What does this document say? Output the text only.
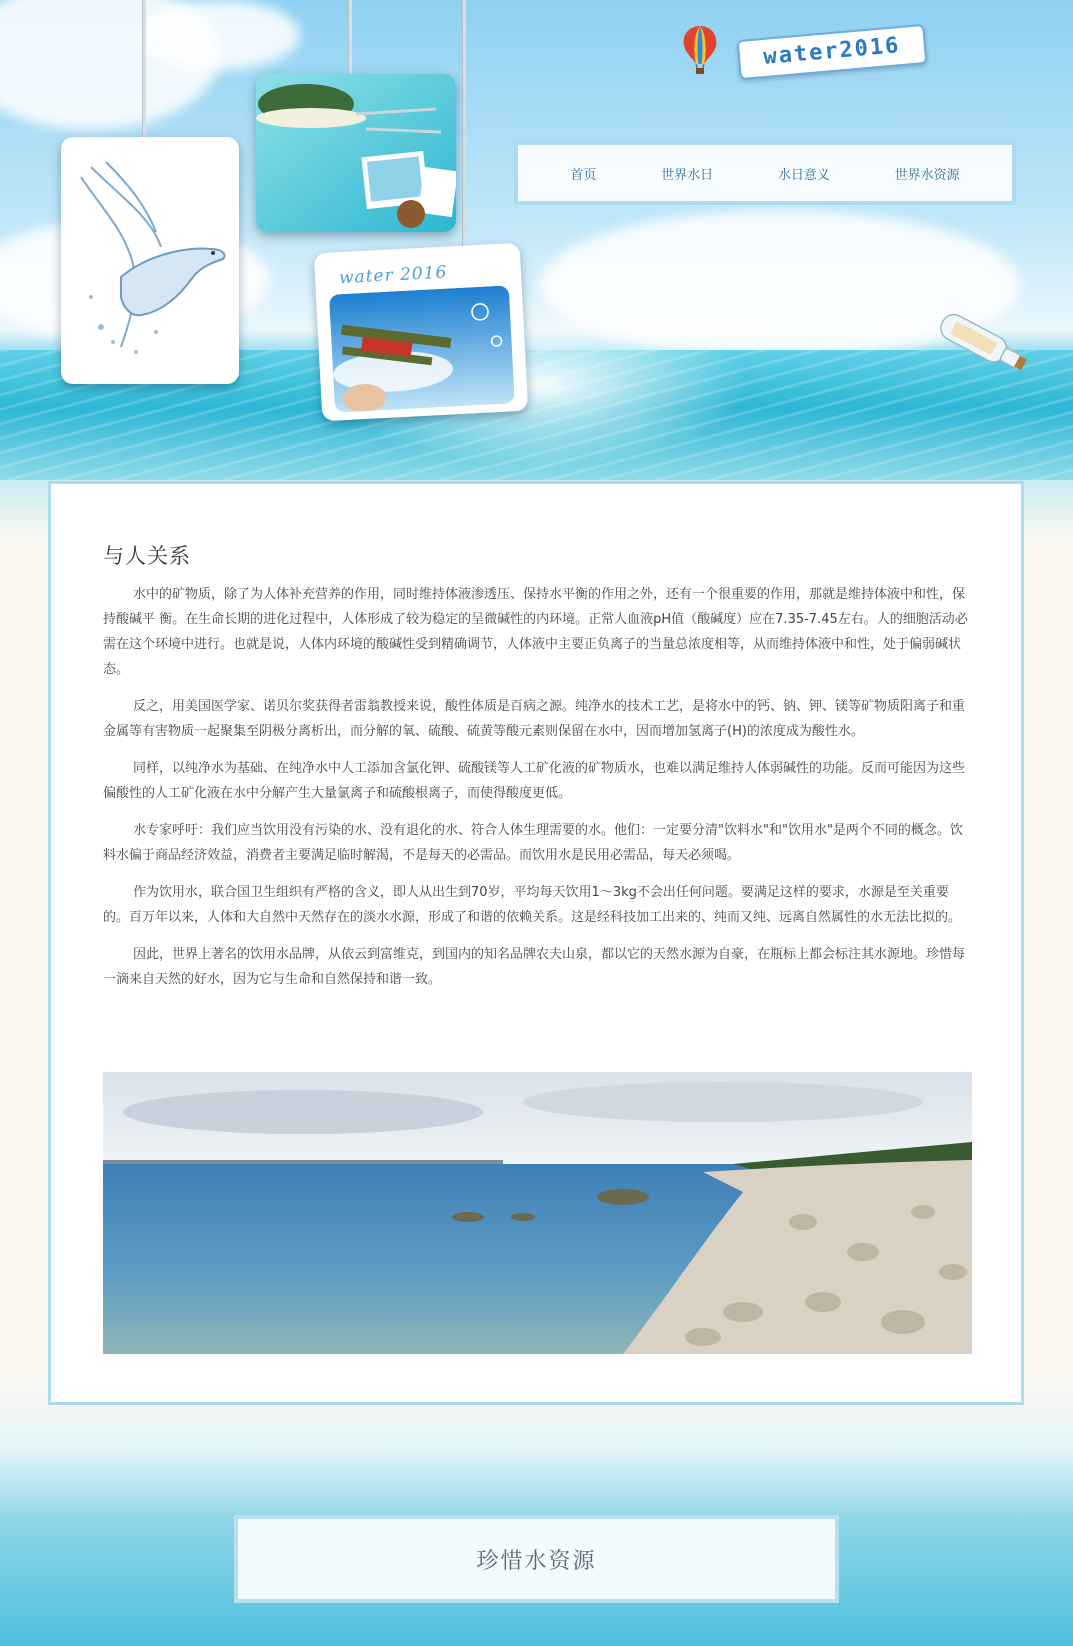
water 2016
water2016
首页	世界水日	水日意义	世界水资源
与人关系

水中的矿物质，除了为人体补充营养的作用，同时维持体液渗透压、保持水平衡的作用之外，还有一个很重要的作用，那就是维持体液中和性，保持酸碱平 衡。在生命长期的进化过程中，人体形成了较为稳定的呈微碱性的内环境。正常人血液pH值（酸碱度）应在7.35-7.45左右。人的细胞活动必需在这个环境中进行。也就是说，人体内环境的酸碱性受到精确调节，人体液中主要正负离子的当量总浓度相等，从而维持体液中和性，处于偏弱碱状态。

反之，用美国医学家、诺贝尔奖获得者雷翁教授来说，酸性体质是百病之源。纯净水的技术工艺，是将水中的钙、钠、钾、镁等矿物质阳离子和重金属等有害物质一起聚集至阴极分离析出，而分解的氧、硫酸、硫黄等酸元素则保留在水中，因而增加氢离子(H)的浓度成为酸性水。

同样，以纯净水为基础、在纯净水中人工添加含氯化钾、硫酸镁等人工矿化液的矿物质水，也难以满足维持人体弱碱性的功能。反而可能因为这些偏酸性的人工矿化液在水中分解产生大量氯离子和硫酸根离子，而使得酸度更低。

水专家呼吁：我们应当饮用没有污染的水、没有退化的水、符合人体生理需要的水。他们：一定要分清"饮料水"和"饮用水"是两个不同的概念。饮料水偏于商品经济效益，消费者主要满足临时解渴，不是每天的必需品。而饮用水是民用必需品，每天必须喝。

作为饮用水，联合国卫生组织有严格的含义，即人从出生到70岁，平均每天饮用1～3kg不会出任何问题。要满足这样的要求，水源是至关重要的。百万年以来，人体和大自然中天然存在的淡水水源，形成了和谐的依赖关系。这是经科技加工出来的、纯而又纯、远离自然属性的水无法比拟的。

因此，世界上著名的饮用水品牌，从依云到富维克，到国内的知名品牌农夫山泉，都以它的天然水源为自豪，在瓶标上都会标注其水源地。珍惜每一滴来自天然的好水，因为它与生命和自然保持和谐一致。

珍惜水资源
